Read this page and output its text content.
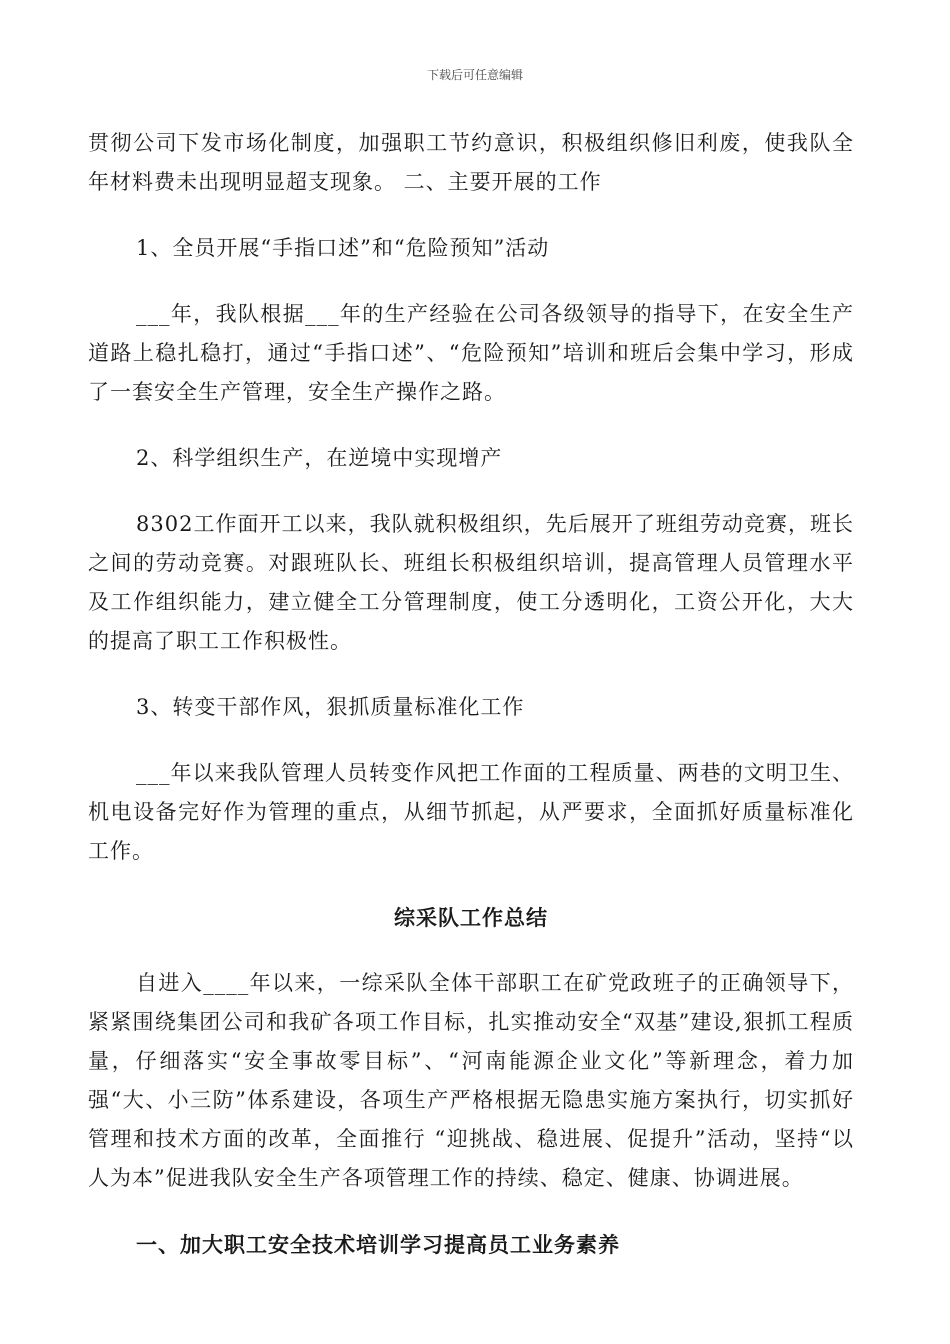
下载后可任意编辑

贯彻公司下发市场化制度，加强职工节约意识，积极组织修旧利废，使我队全年材料费未出现明显超支现象。 二、主要开展的工作

1、全员开展“手指口述”和“危险预知”活动

___年，我队根据___年的生产经验在公司各级领导的指导下，在安全生产道路上稳扎稳打，通过“手指口述”、“危险预知”培训和班后会集中学习，形成了一套安全生产管理，安全生产操作之路。

2、科学组织生产，在逆境中实现增产

8302工作面开工以来，我队就积极组织，先后展开了班组劳动竞赛，班长之间的劳动竞赛。对跟班队长、班组长积极组织培训，提高管理人员管理水平及工作组织能力，建立健全工分管理制度，使工分透明化，工资公开化，大大的提高了职工工作积极性。

3、转变干部作风，狠抓质量标准化工作

___年以来我队管理人员转变作风把工作面的工程质量、两巷的文明卫生、机电设备完好作为管理的重点，从细节抓起，从严要求，全面抓好质量标准化工作。

综采队工作总结

自进入____年以来，一综采队全体干部职工在矿党政班子的正确领导下，紧紧围绕集团公司和我矿各项工作目标，扎实推动安全“双基”建设,狠抓工程质量，仔细落实“安全事故零目标”、“河南能源企业文化”等新理念，着力加强“大、小三防”体系建设，各项生产严格根据无隐患实施方案执行，切实抓好管理和技术方面的改革，全面推行 “迎挑战、稳进展、促提升”活动，坚持“以人为本”促进我队安全生产各项管理工作的持续、稳定、健康、协调进展。

一、加大职工安全技术培训学习提高员工业务素养
